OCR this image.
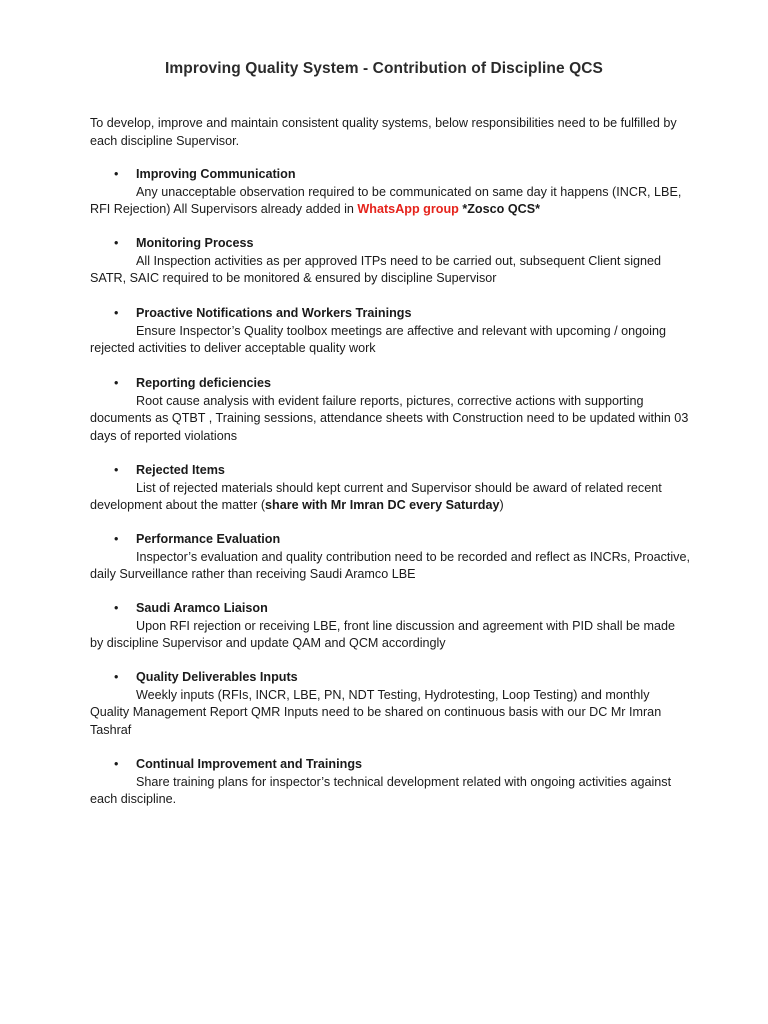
Improving Quality System - Contribution of Discipline QCS

To develop, improve and maintain consistent quality systems, below responsibilities need to be fulfilled by each discipline Supervisor.

• Improving Communication

Any unacceptable observation required to be communicated on same day it happens (INCR, LBE, RFI Rejection) All Supervisors already added in WhatsApp group *Zosco QCS*

• Monitoring Process

All Inspection activities as per approved ITPs need to be carried out, subsequent Client signed SATR, SAIC required to be monitored & ensured by discipline Supervisor

• Proactive Notifications and Workers Trainings

Ensure Inspector’s Quality toolbox meetings are affective and relevant with upcoming / ongoing rejected activities to deliver acceptable quality work

• Reporting deficiencies

Root cause analysis with evident failure reports, pictures, corrective actions with supporting documents as QTBT , Training sessions, attendance sheets with Construction need to be updated within 03 days of reported violations

• Rejected Items

List of rejected materials should kept current and Supervisor should be award of related recent development about the matter (share with Mr Imran DC every Saturday)

• Performance Evaluation

Inspector’s evaluation and quality contribution need to be recorded and reflect as INCRs, Proactive, daily Surveillance rather than receiving Saudi Aramco LBE

• Saudi Aramco Liaison

Upon RFI rejection or receiving LBE, front line discussion and agreement with PID shall be made by discipline Supervisor and update QAM and QCM accordingly

• Quality Deliverables Inputs

Weekly inputs (RFIs, INCR, LBE, PN, NDT Testing, Hydrotesting, Loop Testing) and monthly Quality Management Report QMR Inputs need to be shared on continuous basis with our DC Mr Imran Tashraf

• Continual Improvement and Trainings

Share training plans for inspector’s technical development related with ongoing activities against each discipline.
